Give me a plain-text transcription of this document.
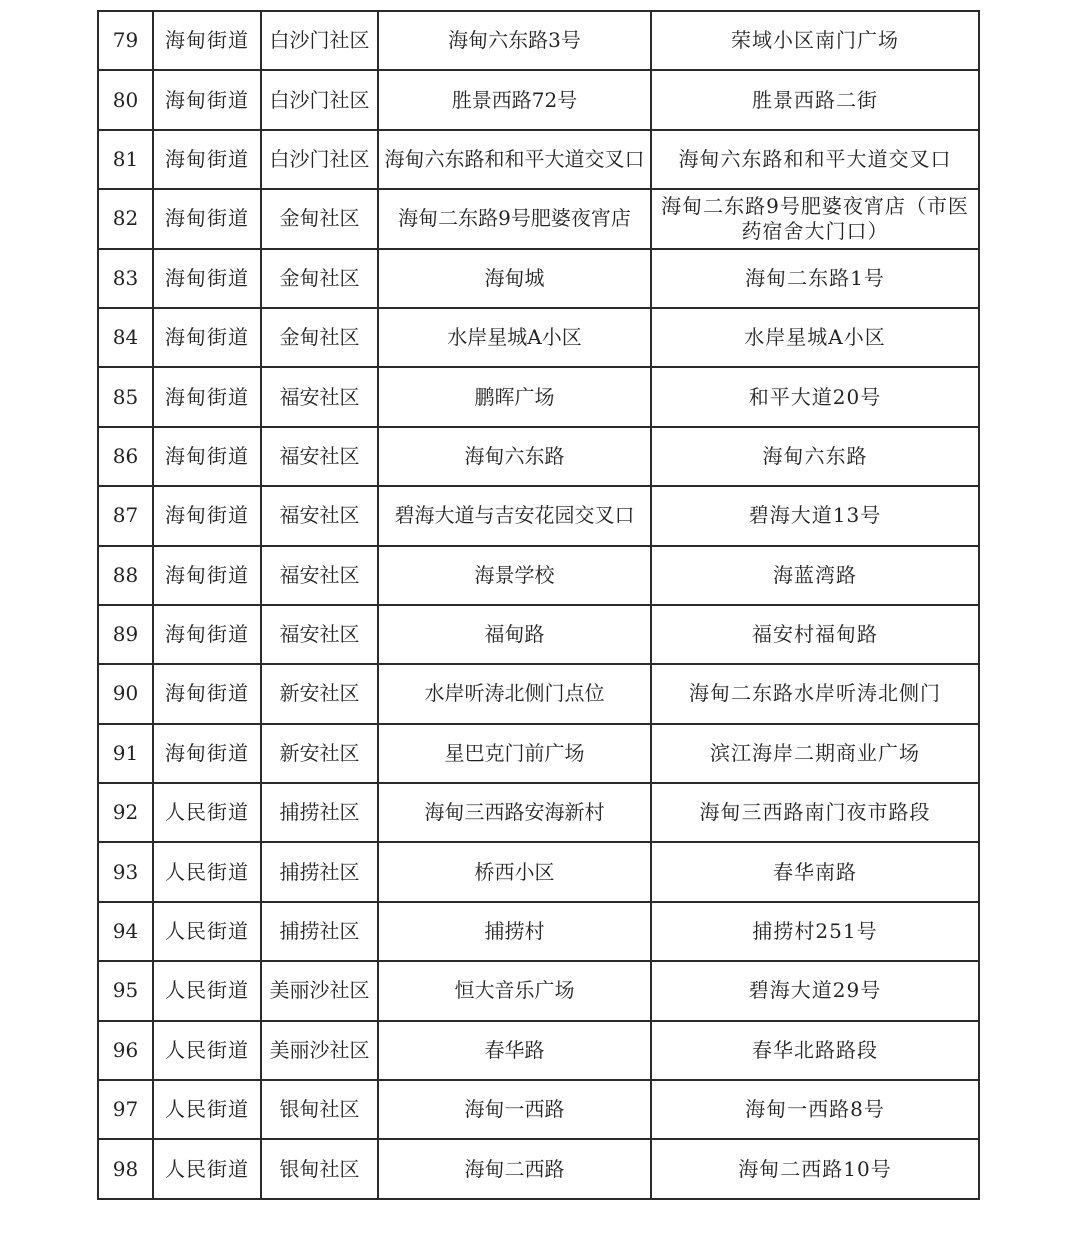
79	海甸街道	白沙门社区	海甸六东路3号	荣域小区南门广场
80	海甸街道	白沙门社区	胜景西路72号	胜景西路二街
81	海甸街道	白沙门社区	海甸六东路和和平大道交叉口	海甸六东路和和平大道交叉口
82	海甸街道	金甸社区	海甸二东路9号肥婆夜宵店	海甸二东路9号肥婆夜宵店（市医药宿舍大门口）
83	海甸街道	金甸社区	海甸城	海甸二东路1号
84	海甸街道	金甸社区	水岸星城A小区	水岸星城A小区
85	海甸街道	福安社区	鹏晖广场	和平大道20号
86	海甸街道	福安社区	海甸六东路	海甸六东路
87	海甸街道	福安社区	碧海大道与吉安花园交叉口	碧海大道13号
88	海甸街道	福安社区	海景学校	海蓝湾路
89	海甸街道	福安社区	福甸路	福安村福甸路
90	海甸街道	新安社区	水岸听涛北侧门点位	海甸二东路水岸听涛北侧门
91	海甸街道	新安社区	星巴克门前广场	滨江海岸二期商业广场
92	人民街道	捕捞社区	海甸三西路安海新村	海甸三西路南门夜市路段
93	人民街道	捕捞社区	桥西小区	春华南路
94	人民街道	捕捞社区	捕捞村	捕捞村251号
95	人民街道	美丽沙社区	恒大音乐广场	碧海大道29号
96	人民街道	美丽沙社区	春华路	春华北路路段
97	人民街道	银甸社区	海甸一西路	海甸一西路8号
98	人民街道	银甸社区	海甸二西路	海甸二西路10号
